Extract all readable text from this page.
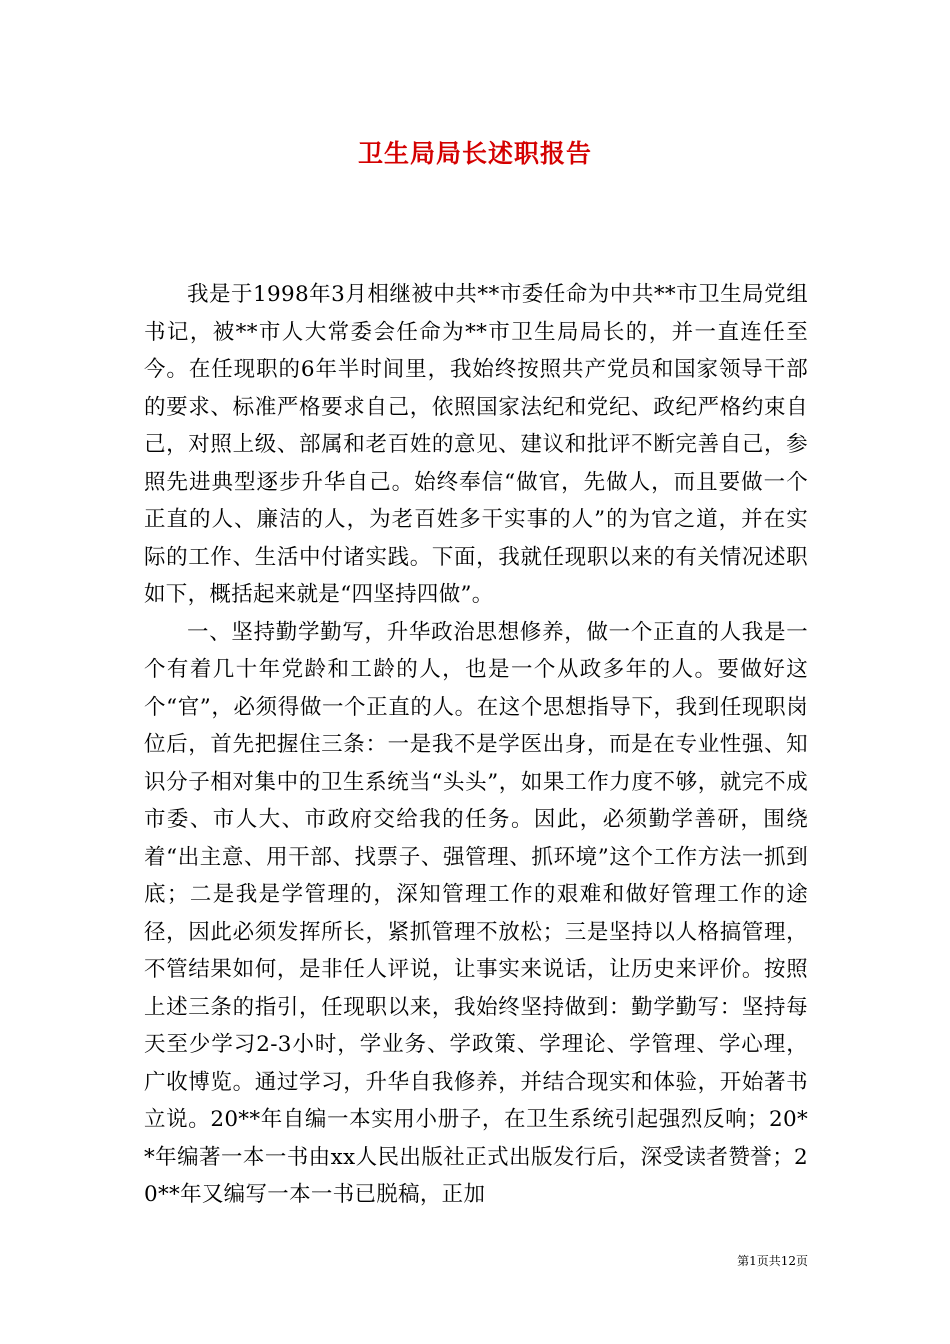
卫生局局长述职报告

我是于1998年3月相继被中共**市委任命为中共**市卫生局党组书记，被**市人大常委会任命为**市卫生局局长的，并一直连任至今。在任现职的6年半时间里，我始终按照共产党员和国家领导干部的要求、标准严格要求自己，依照国家法纪和党纪、政纪严格约束自己，对照上级、部属和老百姓的意见、建议和批评不断完善自己，参照先进典型逐步升华自己。始终奉信“做官，先做人，而且要做一个正直的人、廉洁的人，为老百姓多干实事的人”的为官之道，并在实际的工作、生活中付诸实践。下面，我就任现职以来的有关情况述职如下，概括起来就是“四坚持四做”。

一、坚持勤学勤写，升华政治思想修养，做一个正直的人我是一个有着几十年党龄和工龄的人，也是一个从政多年的人。要做好这个“官”，必须得做一个正直的人。在这个思想指导下，我到任现职岗位后，首先把握住三条：一是我不是学医出身，而是在专业性强、知识分子相对集中的卫生系统当“头头”，如果工作力度不够，就完不成市委、市人大、市政府交给我的任务。因此，必须勤学善研，围绕着“出主意、用干部、找票子、强管理、抓环境”这个工作方法一抓到底；二是我是学管理的，深知管理工作的艰难和做好管理工作的途径，因此必须发挥所长，紧抓管理不放松；三是坚持以人格搞管理，不管结果如何，是非任人评说，让事实来说话，让历史来评价。按照上述三条的指引，任现职以来，我始终坚持做到：勤学勤写：坚持每天至少学习2-3小时，学业务、学政策、学理论、学管理、学心理，广收博览。通过学习，升华自我修养，并结合现实和体验，开始著书立说。20**年自编一本实用小册子，在卫生系统引起强烈反响；20**年编著一本一书由xx人民出版社正式出版发行后，深受读者赞誉；20**年又编写一本一书已脱稿，正加

第1页共12页
